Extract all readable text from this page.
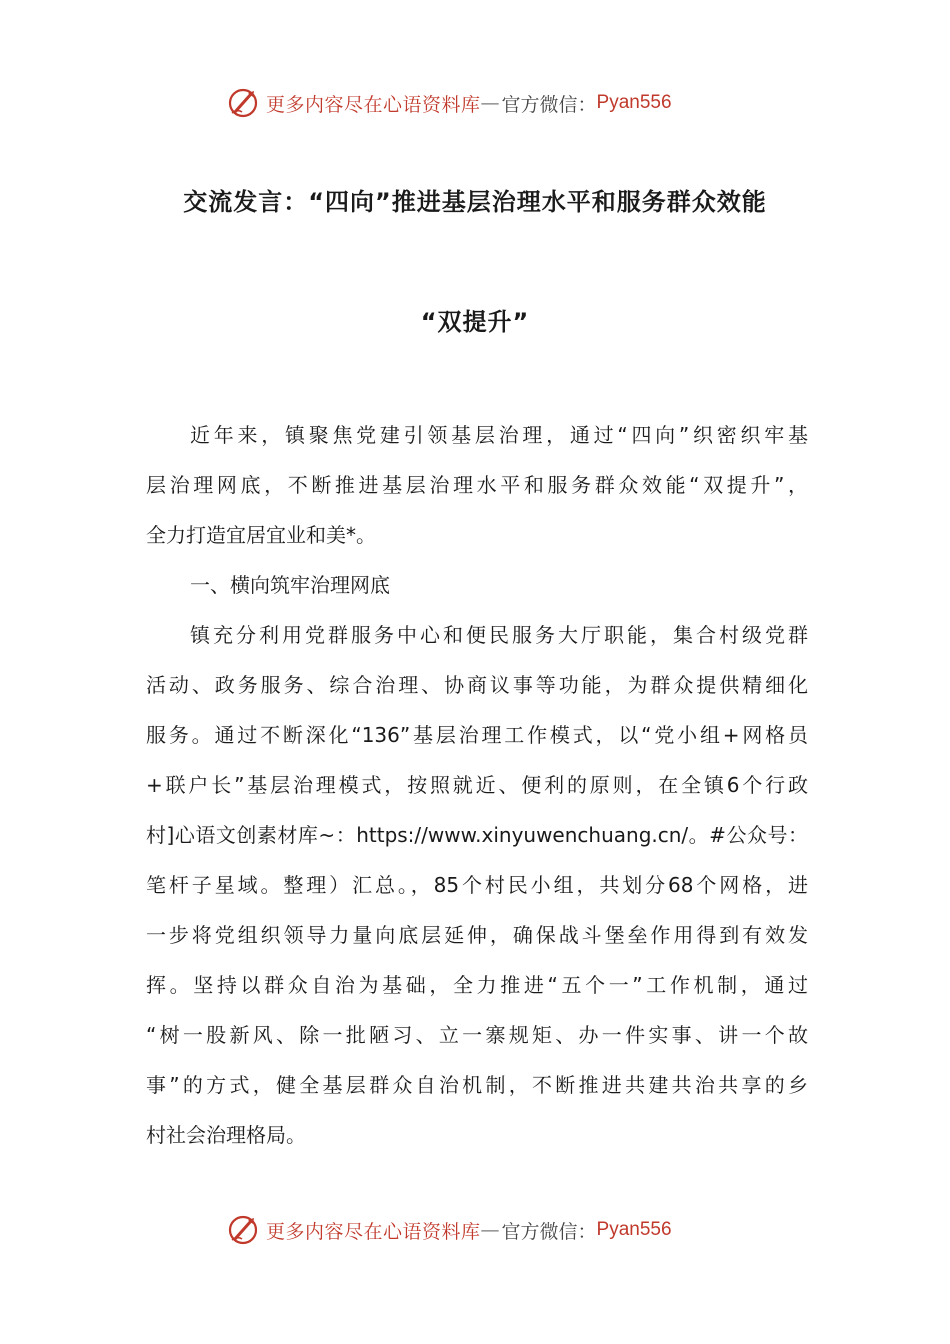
更多内容尽在心语资料库 — 官方微信： Pyan556
交流发言：“四向”推进基层治理水平和服务群众效能
“双提升”
近年来，镇聚焦党建引领基层治理，通过“四向”织密织牢基
层治理网底，不断推进基层治理水平和服务群众效能“双提升”，
全力打造宜居宜业和美*。
一、横向筑牢治理网底
镇充分利用党群服务中心和便民服务大厅职能，集合村级党群
活动、政务服务、综合治理、协商议事等功能，为群众提供精细化
服务。通过不断深化“136”基层治理工作模式，以“党小组+网格员
+联户长”基层治理模式，按照就近、便利的原则，在全镇6个行政
村]心语文创素材库~：https://www.xinyuwenchuang.cn/。#公众号：
笔杆子星域。整理）汇总。，85个村民小组，共划分68个网格，进
一步将党组织领导力量向底层延伸，确保战斗堡垒作用得到有效发
挥。坚持以群众自治为基础，全力推进“五个一”工作机制，通过
“树一股新风、除一批陋习、立一寨规矩、办一件实事、讲一个故
事”的方式，健全基层群众自治机制，不断推进共建共治共享的乡
村社会治理格局。
更多内容尽在心语资料库 — 官方微信： Pyan556
